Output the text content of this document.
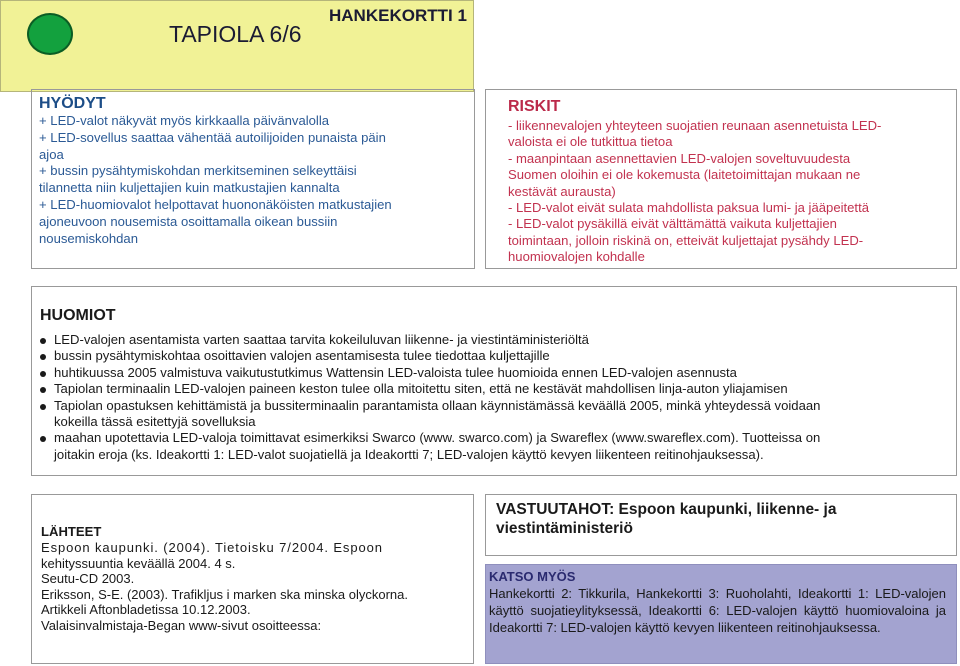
TAPIOLA 6/6
HANKEKORTTI 1
HYÖDYT

+ LED-valot näkyvät myös kirkkaalla päivänvalolla

+ LED-sovellus saattaa vähentää autoilijoiden punaista päin

ajoa

+ bussin pysähtymiskohdan merkitseminen selkeyttäisi

tilannetta niin kuljettajien kuin matkustajien kannalta

+ LED-huomiovalot helpottavat huononäköisten matkustajien

ajoneuvoon nousemista osoittamalla oikean bussiin

nousemiskohdan

RISKIT

- liikennevalojen yhteyteen suojatien reunaan asennetuista LED-

valoista ei ole tutkittua tietoa

- maanpintaan asennettavien LED-valojen soveltuvuudesta

Suomen oloihin ei ole kokemusta (laitetoimittajan mukaan ne

kestävät aurausta)

- LED-valot eivät sulata mahdollista paksua lumi- ja jääpeitettä

- LED-valot pysäkillä eivät välttämättä vaikuta kuljettajien

toimintaan, jolloin riskinä on, etteivät kuljettajat pysähdy LED-

huomiovalojen kohdalle

HUOMIOT
LED-valojen asentamista varten saattaa tarvita kokeiluluvan liikenne- ja viestintäministeriöltä
bussin pysähtymiskohtaa osoittavien valojen asentamisesta tulee tiedottaa kuljettajille
huhtikuussa 2005 valmistuva vaikutustutkimus Wattensin LED-valoista tulee huomioida ennen LED-valojen asennusta
Tapiolan terminaalin LED-valojen paineen keston tulee olla mitoitettu siten, että ne kestävät mahdollisen linja-auton yliajamisen
Tapiolan opastuksen kehittämistä ja bussiterminaalin parantamista ollaan käynnistämässä keväällä 2005, minkä yhteydessä voidaan
kokeilla tässä esitettyjä sovelluksia
maahan upotettavia LED-valoja toimittavat esimerkiksi Swarco (www. swarco.com) ja Swareflex (www.swareflex.com). Tuotteissa on
joitakin eroja (ks. Ideakortti 1: LED-valot suojatiellä ja Ideakortti 7; LED-valojen käyttö kevyen liikenteen reitinohjauksessa).
LÄHTEET

Espoon kaupunki. (2004). Tietoisku 7/2004. Espoon

kehityssuuntia keväällä 2004. 4 s.

Seutu-CD 2003.

Eriksson, S-E. (2003). Trafikljus i marken ska minska olyckorna.

Artikkeli Aftonbladetissa 10.12.2003.

Valaisinvalmistaja-Began www-sivut osoitteessa:

VASTUUTAHOT: Espoon kaupunki, liikenne- ja
viestintäministeriö
KATSO MYÖS

Hankekortti 2: Tikkurila, Hankekortti 3: Ruoholahti, Ideakortti 1: LED-valojen käyttö suojatieylityksessä, Ideakortti 6: LED-valojen käyttö huomiovaloina ja Ideakortti 7: LED-valojen käyttö kevyen liikenteen reitinohjauksessa.
